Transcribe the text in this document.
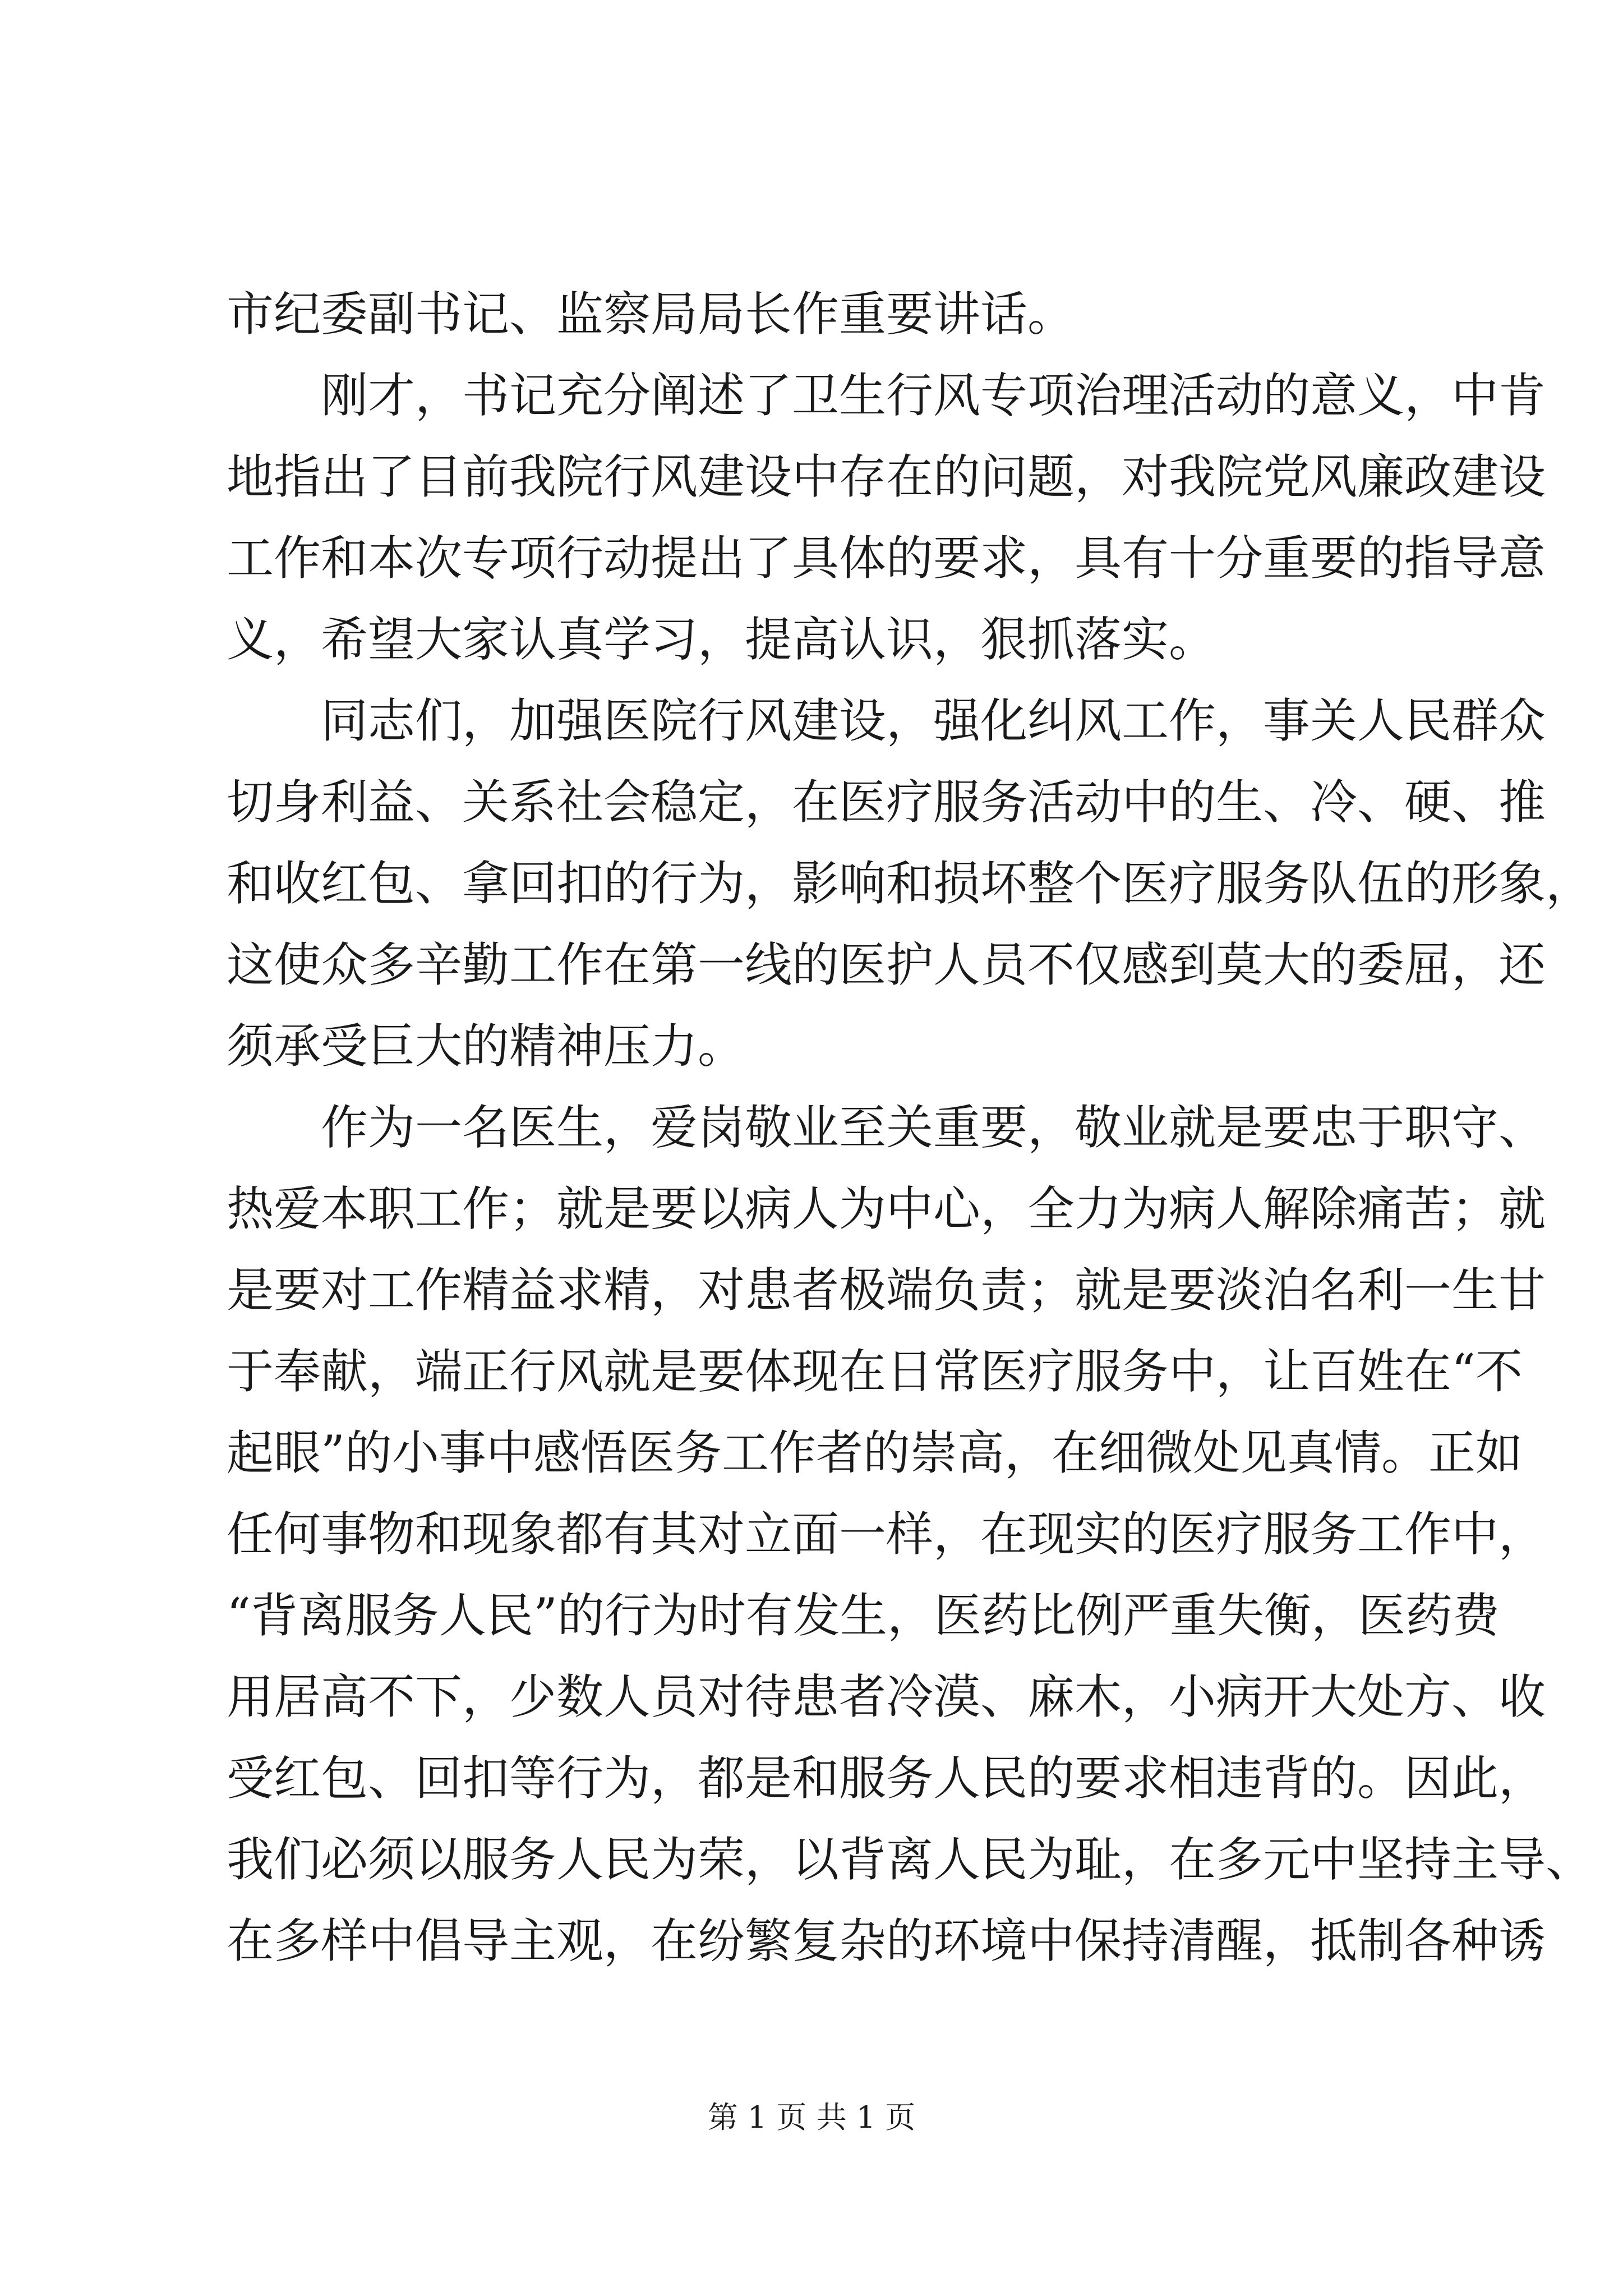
市纪委副书记、监察局局长作重要讲话。
刚才，书记充分阐述了卫生行风专项治理活动的意义，中肯
地指出了目前我院行风建设中存在的问题，对我院党风廉政建设
工作和本次专项行动提出了具体的要求，具有十分重要的指导意
义，希望大家认真学习，提高认识，狠抓落实。
同志们，加强医院行风建设，强化纠风工作，事关人民群众
切身利益、关系社会稳定，在医疗服务活动中的生、冷、硬、推
和收红包、拿回扣的行为，影响和损坏整个医疗服务队伍的形象，
这使众多辛勤工作在第一线的医护人员不仅感到莫大的委屈，还
须承受巨大的精神压力。
作为一名医生，爱岗敬业至关重要，敬业就是要忠于职守、
热爱本职工作；就是要以病人为中心，全力为病人解除痛苦；就
是要对工作精益求精，对患者极端负责；就是要淡泊名利一生甘
于奉献，端正行风就是要体现在日常医疗服务中，让百姓在“不
起眼”的小事中感悟医务工作者的崇高，在细微处见真情。正如
任何事物和现象都有其对立面一样，在现实的医疗服务工作中，
“背离服务人民”的行为时有发生，医药比例严重失衡，医药费
用居高不下，少数人员对待患者冷漠、麻木，小病开大处方、收
受红包、回扣等行为，都是和服务人民的要求相违背的。因此，
我们必须以服务人民为荣，以背离人民为耻，在多元中坚持主导、
在多样中倡导主观，在纷繁复杂的环境中保持清醒，抵制各种诱
第 1 页 共 1 页
